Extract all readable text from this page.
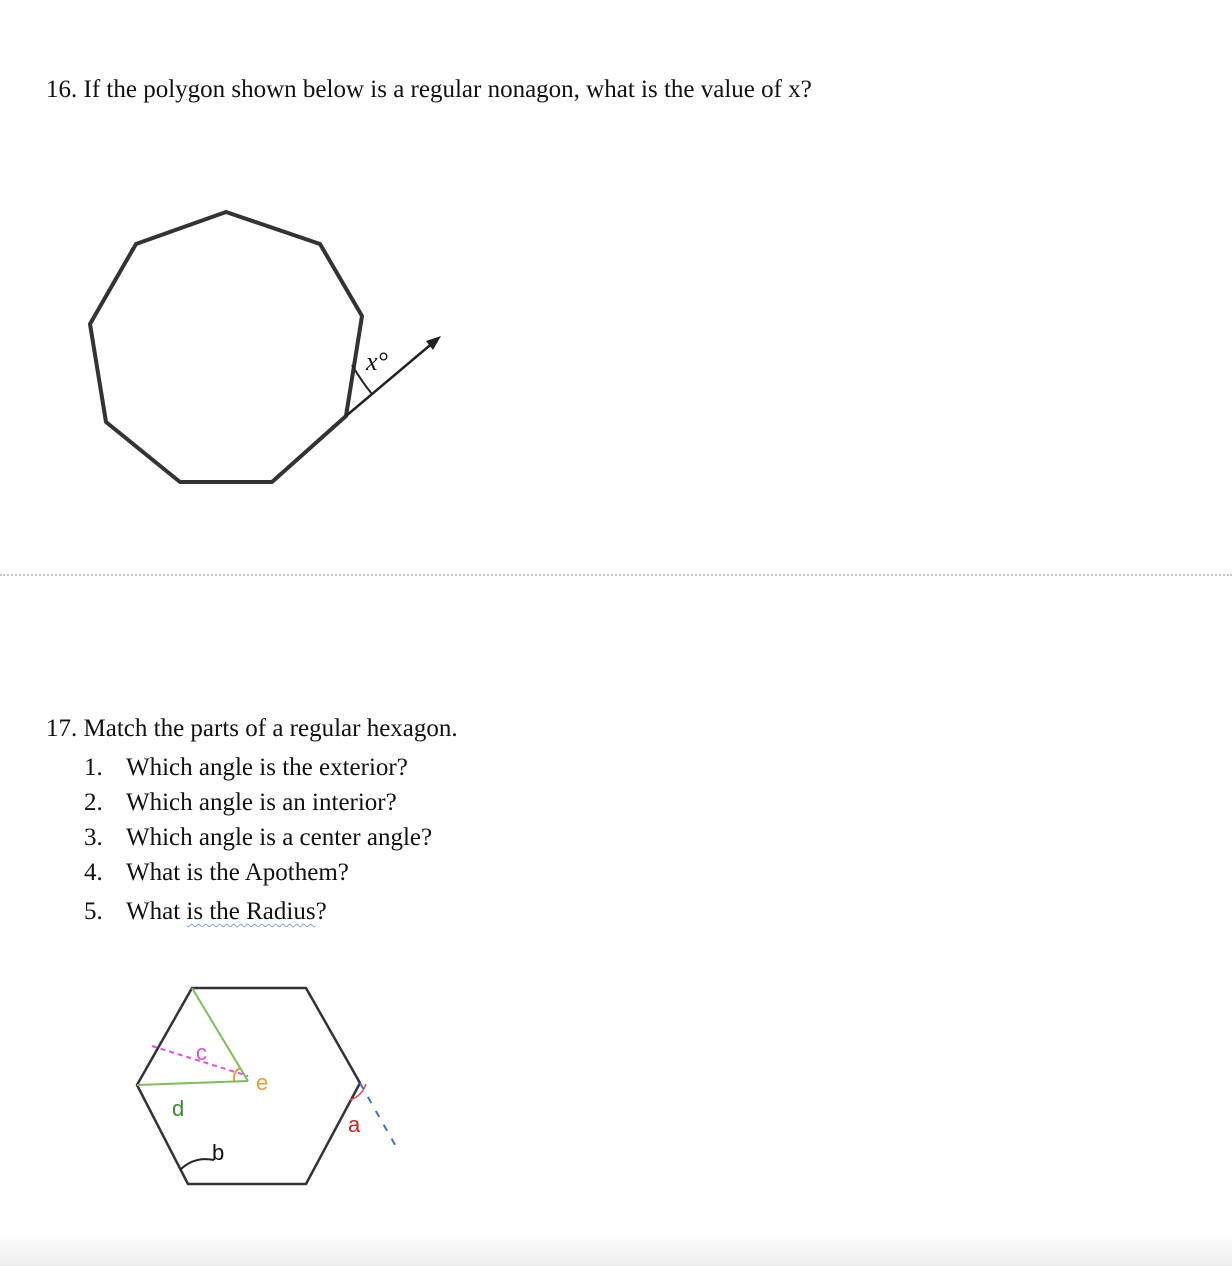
16. If the polygon shown below is a regular nonagon, what is the value of x?
x°
17. Match the parts of a regular hexagon.
1. Which angle is the exterior?
2. Which angle is an interior?
3. Which angle is a center angle?
4. What is the Apothem?
5. What is the Radius?
c
e
d
a
b
